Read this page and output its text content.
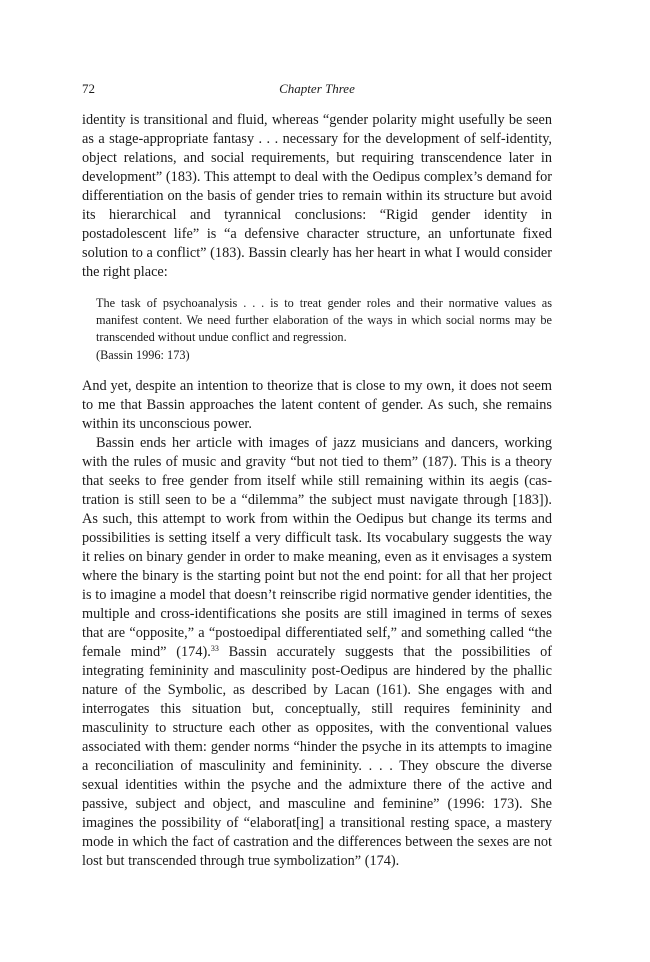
72	Chapter Three

identity is transitional and fluid, whereas “gender polarity might usefully be seen as a stage-appropriate fantasy . . . necessary for the development of self-identity, object relations, and social requirements, but requiring transcendence later in development” (183). This attempt to deal with the Oedipus complex’s demand for differentiation on the basis of gender tries to remain within its structure but avoid its hierarchical and tyrannical conclusions: “Rigid gender identity in postadolescent life” is “a defensive character structure, an unfortunate fixed solution to a conflict” (183). Bassin clearly has her heart in what I would consider the right place:

The task of psychoanalysis . . . is to treat gender roles and their normative values as manifest content. We need further elaboration of the ways in which social norms may be transcended without undue conflict and regression.
(Bassin 1996: 173)

And yet, despite an intention to theorize that is close to my own, it does not seem to me that Bassin approaches the latent content of gender. As such, she remains within its unconscious power.

Bassin ends her article with images of jazz musicians and dancers, working with the rules of music and gravity “but not tied to them” (187). This is a theory that seeks to free gender from itself while still remaining within its aegis (castration is still seen to be a “dilemma” the subject must navigate through [183]). As such, this attempt to work from within the Oedipus but change its terms and possibilities is setting itself a very difficult task. Its vocabulary suggests the way it relies on binary gender in order to make meaning, even as it envisages a system where the binary is the starting point but not the end point: for all that her project is to imagine a model that doesn’t reinscribe rigid normative gender identities, the multiple and cross-identifications she posits are still imagined in terms of sexes that are “opposite,” a “postoedipal differentiated self,” and something called “the female mind” (174).$^{33}$ Bassin accurately suggests that the possibilities of integrating femininity and masculinity post-Oedipus are hindered by the phallic nature of the Symbolic, as described by Lacan (161). She engages with and interrogates this situation but, conceptually, still requires femininity and masculinity to structure each other as opposites, with the conventional values associated with them: gender norms “hinder the psyche in its attempts to imagine a reconciliation of masculinity and femininity. . . . They obscure the diverse sexual identities within the psyche and the admixture there of the active and passive, subject and object, and masculine and feminine” (1996: 173). She imagines the possibility of “elaborat[ing] a transitional resting space, a mastery mode in which the fact of castration and the differences between the sexes are not lost but transcended through true symbolization” (174).
